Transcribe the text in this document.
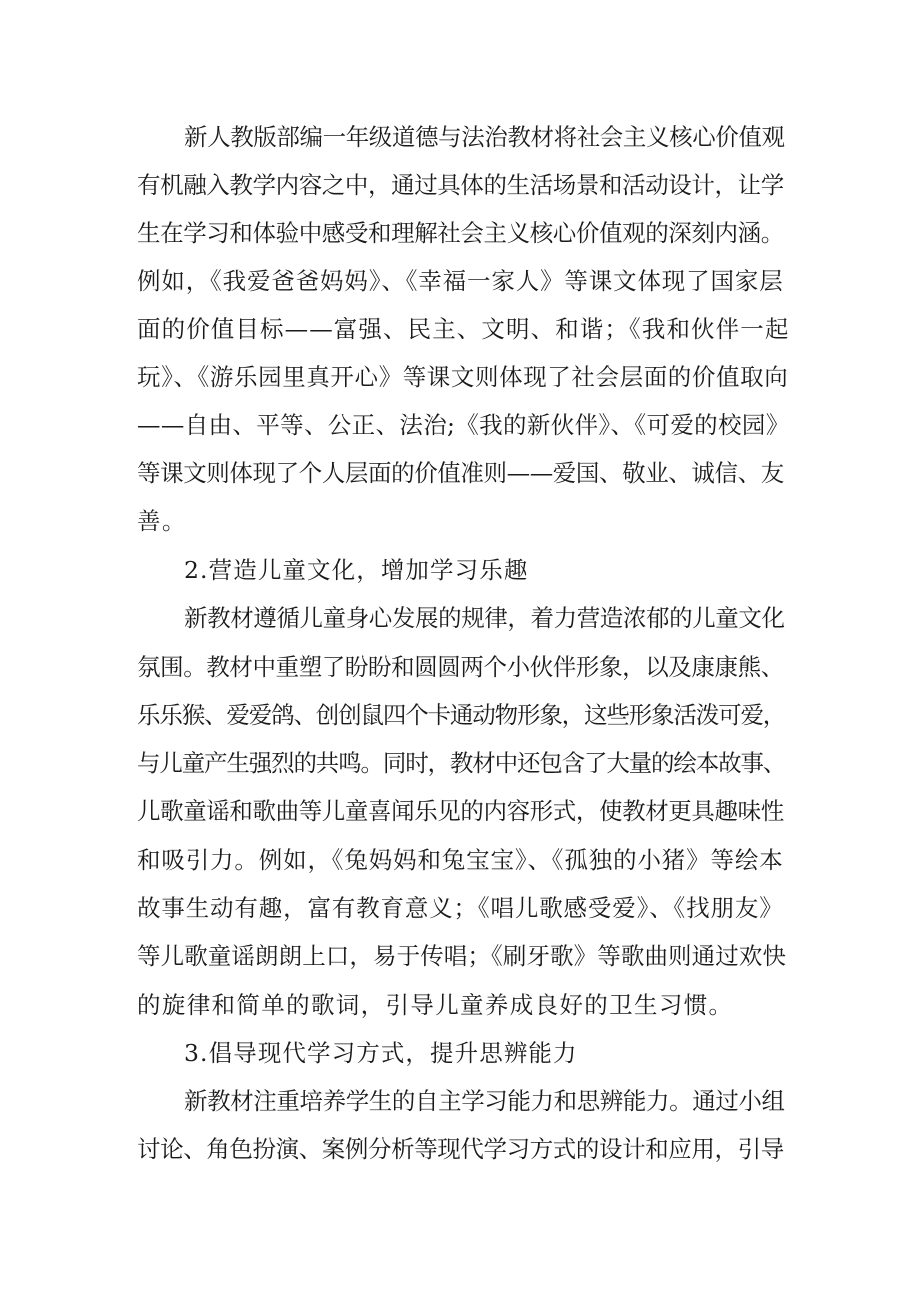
新人教版部编一年级道德与法治教材将社会主义核心价值观

有机融入教学内容之中，通过具体的生活场景和活动设计，让学

生在学习和体验中感受和理解社会主义核心价值观的深刻内涵。

例如，《我爱爸爸妈妈》、《幸福一家人》等课文体现了国家层

面的价值目标——富强、民主、文明、和谐；《我和伙伴一起

玩》、《游乐园里真开心》等课文则体现了社会层面的价值取向

——自由、平等、公正、法治;《我的新伙伴》、《可爱的校园》

等课文则体现了个人层面的价值准则——爱国、敬业、诚信、友

善。

2.营造儿童文化，增加学习乐趣

新教材遵循儿童身心发展的规律，着力营造浓郁的儿童文化

氛围。教材中重塑了盼盼和圆圆两个小伙伴形象，以及康康熊、

乐乐猴、爱爱鸽、创创鼠四个卡通动物形象，这些形象活泼可爱，

与儿童产生强烈的共鸣。同时，教材中还包含了大量的绘本故事、

儿歌童谣和歌曲等儿童喜闻乐见的内容形式，使教材更具趣味性

和吸引力。例如，《兔妈妈和兔宝宝》、《孤独的小猪》等绘本

故事生动有趣，富有教育意义；《唱儿歌感受爱》、《找朋友》

等儿歌童谣朗朗上口，易于传唱；《刷牙歌》等歌曲则通过欢快

的旋律和简单的歌词，引导儿童养成良好的卫生习惯。

3.倡导现代学习方式，提升思辨能力

新教材注重培养学生的自主学习能力和思辨能力。通过小组

讨论、角色扮演、案例分析等现代学习方式的设计和应用，引导
